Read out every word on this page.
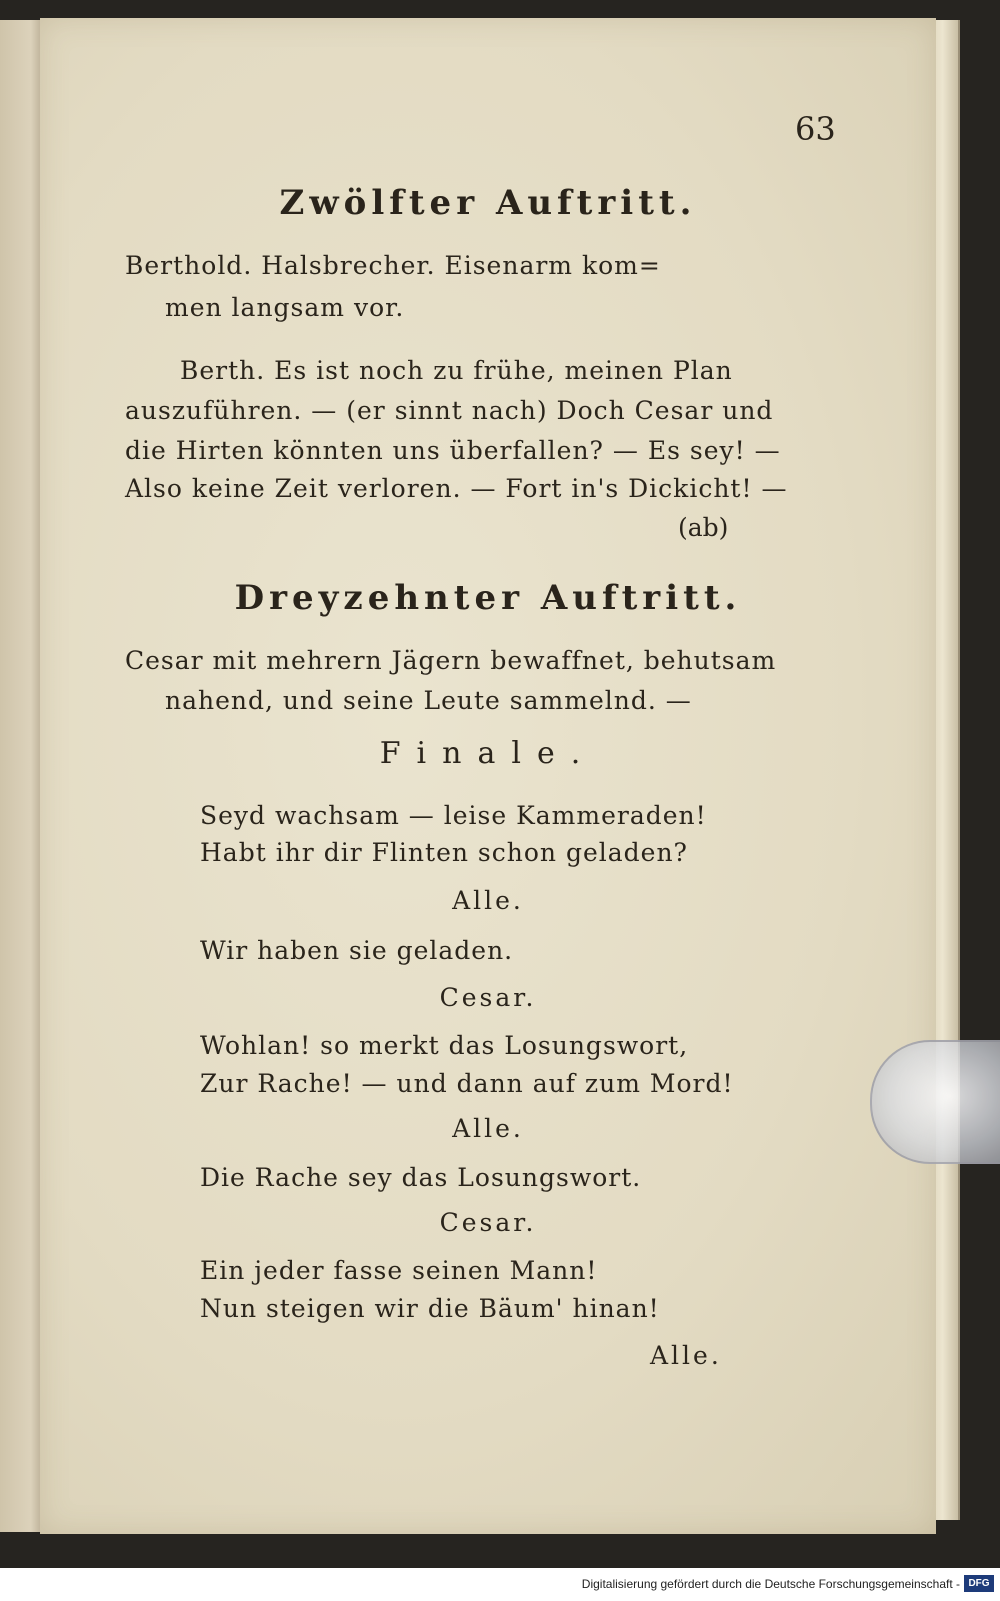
63
Zwölfter Auftritt.
Berthold. Halsbrecher. Eisenarm kom=
men langsam vor.
Berth. Es ist noch zu frühe, meinen Plan
auszuführen. — (er sinnt nach) Doch Cesar und
die Hirten könnten uns überfallen? — Es sey! —
Also keine Zeit verloren. — Fort in's Dickicht! —
(ab)
Dreyzehnter Auftritt.
Cesar mit mehrern Jägern bewaffnet, behutsam
nahend, und seine Leute sammelnd. —
Finale.
Seyd wachsam — leise Kammeraden!
Habt ihr dir Flinten schon geladen?
Alle.
Wir haben sie geladen.
Cesar.
Wohlan! so merkt das Losungswort,
Zur Rache! — und dann auf zum Mord!
Alle.
Die Rache sey das Losungswort.
Cesar.
Ein jeder fasse seinen Mann!
Nun steigen wir die Bäum' hinan!
Alle.
Digitalisierung gefördert durch die Deutsche Forschungsgemeinschaft - DFG
